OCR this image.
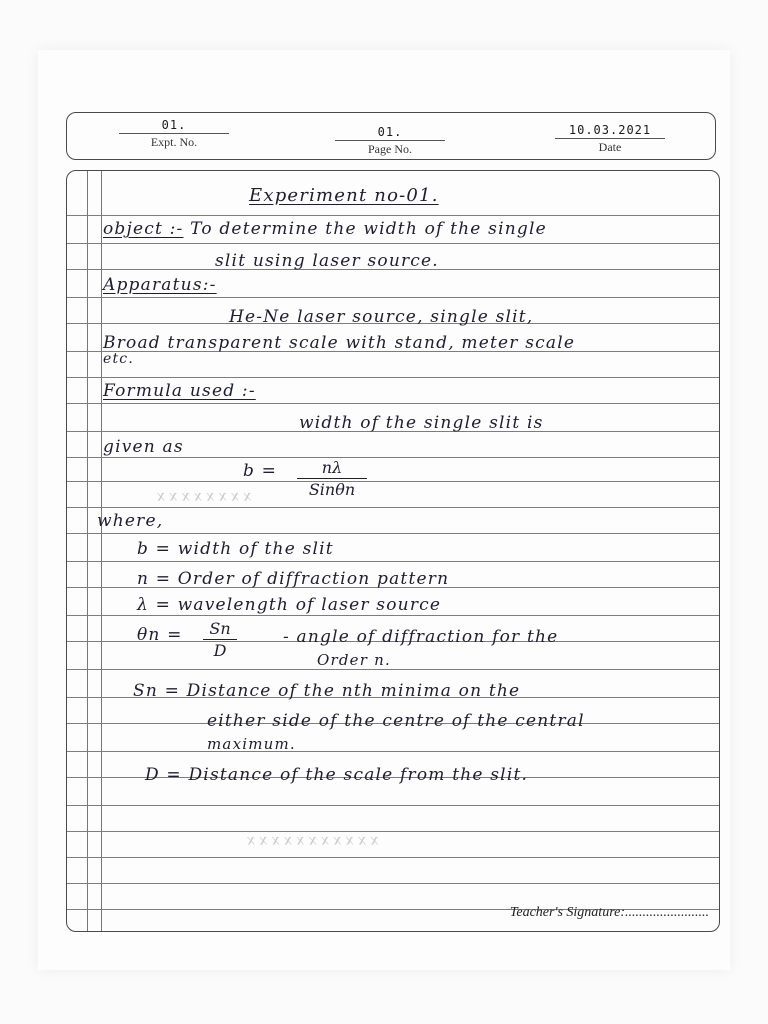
01.
Expt. No.
01.
Page No.
10.03.2021
Date
x x x x x x x x
x x x x x x x x x x x
Experiment no-01.
object :- To determine the width of the single
slit using laser source.
Apparatus:-
He-Ne laser source, single slit,
Broad transparent scale with stand, meter scale
etc.
Formula used :-
width of the single slit is
given as
b =	nλ
Sinθn
where,
b = width of the slit
n = Order of diffraction pattern
λ = wavelength of laser source
θn =	Sn
D
- angle of diffraction for the
Order n.
Sn = Distance of the nth minima on the
either side of the centre of the central
maximum.
D = Distance of the scale from the slit.
Teacher's Signature:........................
